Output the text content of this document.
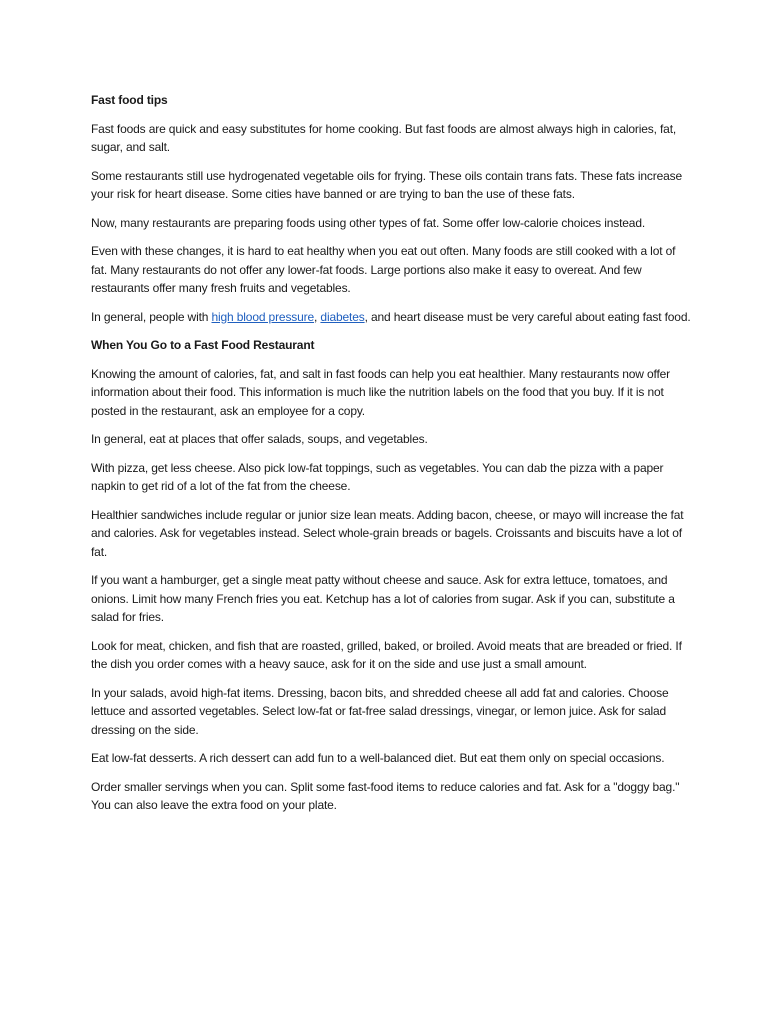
Fast food tips

Fast foods are quick and easy substitutes for home cooking. But fast foods are almost always high in calories, fat, sugar, and salt.

Some restaurants still use hydrogenated vegetable oils for frying. These oils contain trans fats. These fats increase your risk for heart disease. Some cities have banned or are trying to ban the use of these fats.

Now, many restaurants are preparing foods using other types of fat. Some offer low-calorie choices instead.

Even with these changes, it is hard to eat healthy when you eat out often. Many foods are still cooked with a lot of fat. Many restaurants do not offer any lower-fat foods. Large portions also make it easy to overeat. And few restaurants offer many fresh fruits and vegetables.

In general, people with high blood pressure, diabetes, and heart disease must be very careful about eating fast food.

When You Go to a Fast Food Restaurant

Knowing the amount of calories, fat, and salt in fast foods can help you eat healthier. Many restaurants now offer information about their food. This information is much like the nutrition labels on the food that you buy. If it is not posted in the restaurant, ask an employee for a copy.

In general, eat at places that offer salads, soups, and vegetables.

With pizza, get less cheese. Also pick low-fat toppings, such as vegetables. You can dab the pizza with a paper napkin to get rid of a lot of the fat from the cheese.

Healthier sandwiches include regular or junior size lean meats. Adding bacon, cheese, or mayo will increase the fat and calories. Ask for vegetables instead. Select whole-grain breads or bagels. Croissants and biscuits have a lot of fat.

If you want a hamburger, get a single meat patty without cheese and sauce. Ask for extra lettuce, tomatoes, and onions. Limit how many French fries you eat. Ketchup has a lot of calories from sugar. Ask if you can, substitute a salad for fries.

Look for meat, chicken, and fish that are roasted, grilled, baked, or broiled. Avoid meats that are breaded or fried. If the dish you order comes with a heavy sauce, ask for it on the side and use just a small amount.

In your salads, avoid high-fat items. Dressing, bacon bits, and shredded cheese all add fat and calories. Choose lettuce and assorted vegetables. Select low-fat or fat-free salad dressings, vinegar, or lemon juice. Ask for salad dressing on the side.

Eat low-fat desserts. A rich dessert can add fun to a well-balanced diet. But eat them only on special occasions.

Order smaller servings when you can. Split some fast-food items to reduce calories and fat. Ask for a "doggy bag." You can also leave the extra food on your plate.
